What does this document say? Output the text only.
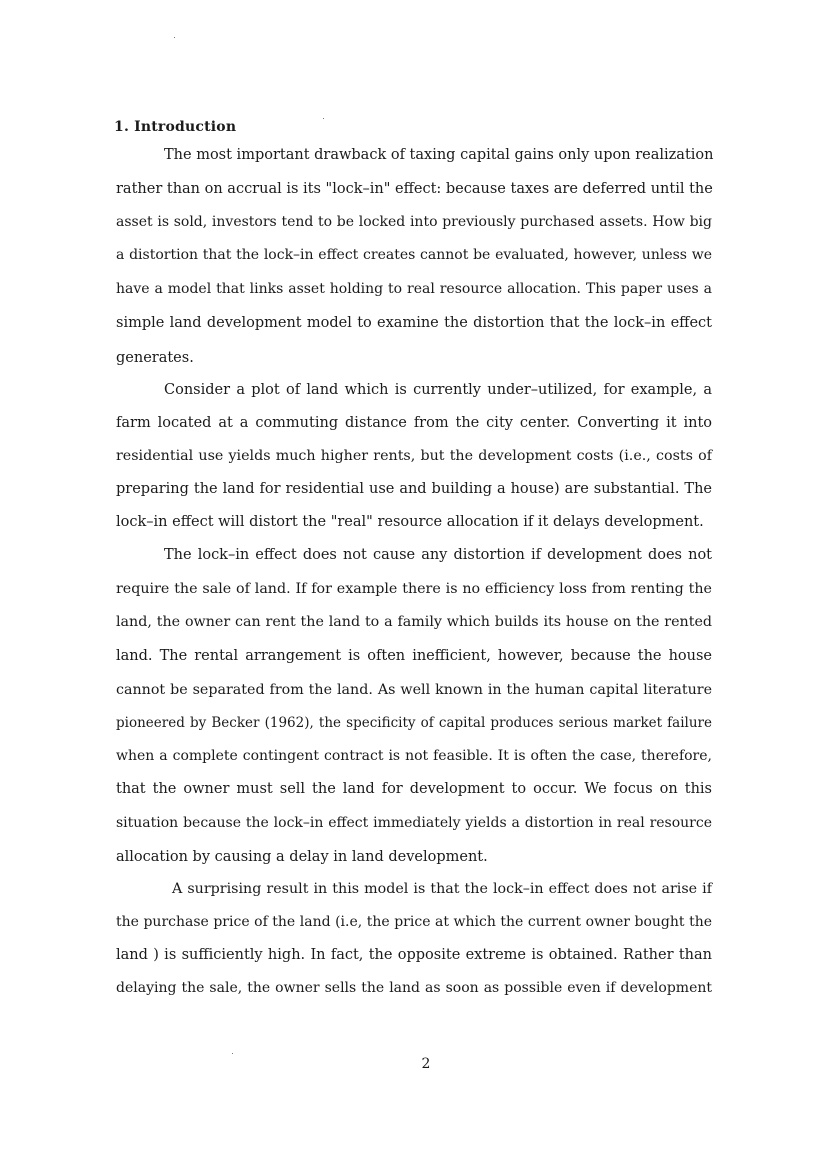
1. Introduction

The most important drawback of taxing capital gains only upon realization

rather than on accrual is its "lock–in" effect: because taxes are deferred until the

asset is sold, investors tend to be locked into previously purchased assets. How big

a distortion that the lock–in effect creates cannot be evaluated, however, unless we

have a model that links asset holding to real resource allocation. This paper uses a

simple land development model to examine the distortion that the lock–in effect

generates.

Consider a plot of land which is currently under–utilized, for example, a

farm located at a commuting distance from the city center. Converting it into

residential use yields much higher rents, but the development costs (i.e., costs of

preparing the land for residential use and building a house) are substantial. The

lock–in effect will distort the "real" resource allocation if it delays development.

The lock–in effect does not cause any distortion if development does not

require the sale of land. If for example there is no efficiency loss from renting the

land, the owner can rent the land to a family which builds its house on the rented

land. The rental arrangement is often inefficient, however, because the house

cannot be separated from the land. As well known in the human capital literature

pioneered by Becker (1962), the specificity of capital produces serious market failure

when a complete contingent contract is not feasible. It is often the case, therefore,

that the owner must sell the land for development to occur. We focus on this

situation because the lock–in effect immediately yields a distortion in real resource

allocation by causing a delay in land development.

A surprising result in this model is that the lock–in effect does not arise if

the purchase price of the land (i.e, the price at which the current owner bought the

land ) is sufficiently high. In fact, the opposite extreme is obtained. Rather than

delaying the sale, the owner sells the land as soon as possible even if development

2
